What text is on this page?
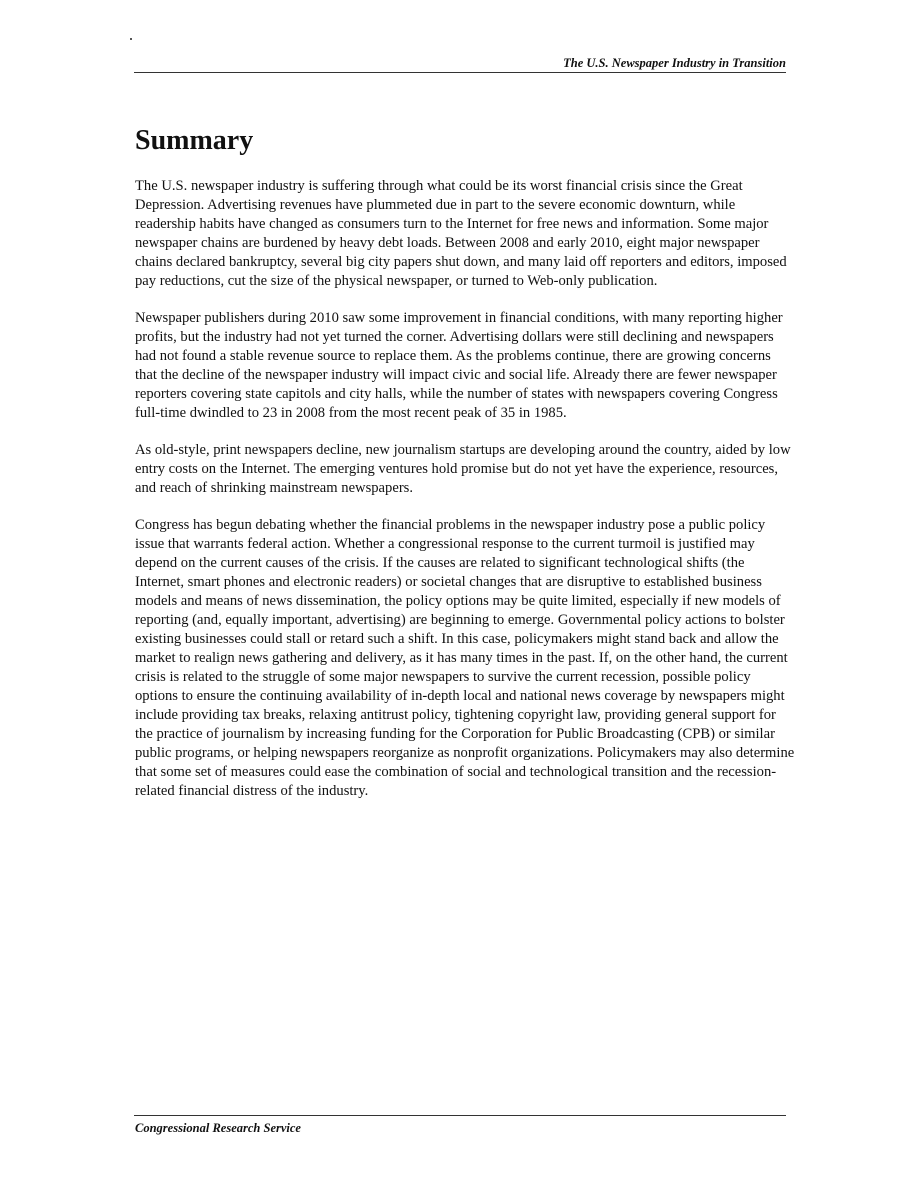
The U.S. Newspaper Industry in Transition
Summary

The U.S. newspaper industry is suffering through what could be its worst financial crisis since the Great Depression. Advertising revenues have plummeted due in part to the severe economic downturn, while readership habits have changed as consumers turn to the Internet for free news and information. Some major newspaper chains are burdened by heavy debt loads. Between 2008 and early 2010, eight major newspaper chains declared bankruptcy, several big city papers shut down, and many laid off reporters and editors, imposed pay reductions, cut the size of the physical newspaper, or turned to Web-only publication.

Newspaper publishers during 2010 saw some improvement in financial conditions, with many reporting higher profits, but the industry had not yet turned the corner. Advertising dollars were still declining and newspapers had not found a stable revenue source to replace them. As the problems continue, there are growing concerns that the decline of the newspaper industry will impact civic and social life. Already there are fewer newspaper reporters covering state capitols and city halls, while the number of states with newspapers covering Congress full-time dwindled to 23 in 2008 from the most recent peak of 35 in 1985.

As old-style, print newspapers decline, new journalism startups are developing around the country, aided by low entry costs on the Internet. The emerging ventures hold promise but do not yet have the experience, resources, and reach of shrinking mainstream newspapers.

Congress has begun debating whether the financial problems in the newspaper industry pose a public policy issue that warrants federal action. Whether a congressional response to the current turmoil is justified may depend on the current causes of the crisis. If the causes are related to significant technological shifts (the Internet, smart phones and electronic readers) or societal changes that are disruptive to established business models and means of news dissemination, the policy options may be quite limited, especially if new models of reporting (and, equally important, advertising) are beginning to emerge. Governmental policy actions to bolster existing businesses could stall or retard such a shift. In this case, policymakers might stand back and allow the market to realign news gathering and delivery, as it has many times in the past. If, on the other hand, the current crisis is related to the struggle of some major newspapers to survive the current recession, possible policy options to ensure the continuing availability of in-depth local and national news coverage by newspapers might include providing tax breaks, relaxing antitrust policy, tightening copyright law, providing general support for the practice of journalism by increasing funding for the Corporation for Public Broadcasting (CPB) or similar public programs, or helping newspapers reorganize as nonprofit organizations. Policymakers may also determine that some set of measures could ease the combination of social and technological transition and the recession-related financial distress of the industry.

Congressional Research Service
